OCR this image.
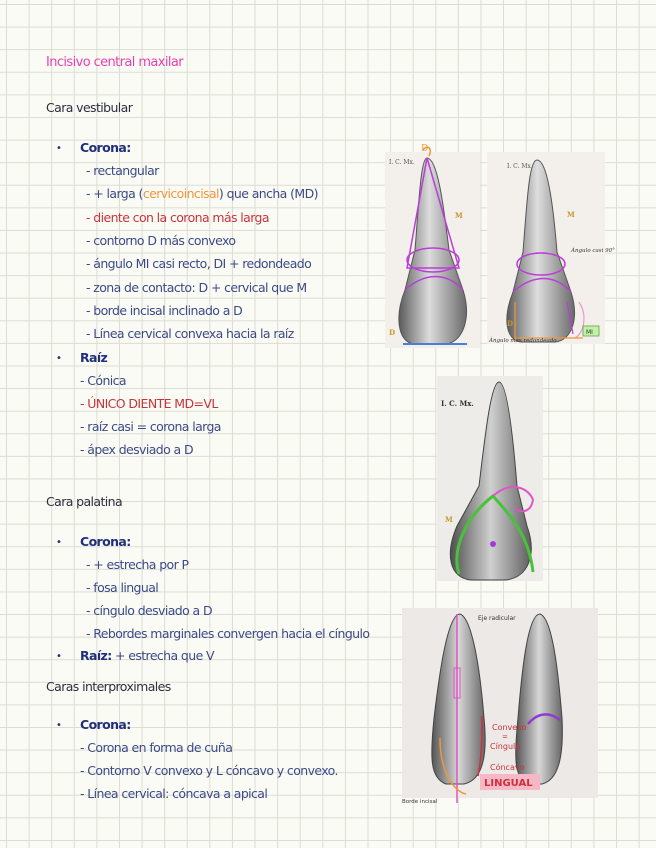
Incisivo central maxilar
Cara vestibular
• Corona:
- rectangular
- + larga (cervicoincisal) que ancha (MD)
- diente con la corona más larga
- contorno D más convexo
- ángulo MI casi recto, DI + redondeado
- zona de contacto: D + cervical que M
- borde incisal inclinado a D
- Línea cervical convexa hacia la raíz
• Raíz
- Cónica
- ÚNICO DIENTE MD=VL
- raíz casi = corona larga
- ápex desviado a D
Cara palatina
• Corona:
- + estrecha por P
- fosa lingual
- cíngulo desviado a D
- Rebordes marginales convergen hacia el cíngulo
• Raíz: + estrecha que V
Caras interproximales
• Corona:
- Corona en forma de cuña
- Contorno V convexo y L cóncavo y convexo.
- Línea cervical: cóncava a apical
I. C. Mx.
D
M
D
I. C. Mx.
M
D
Ángulo casi 90°
Ángulo más redondeado
MI
I. C. Mx.
M
Eje radicular
Borde incisal
Convexo
=
Cíngulo
Cóncavo
LINGUAL
